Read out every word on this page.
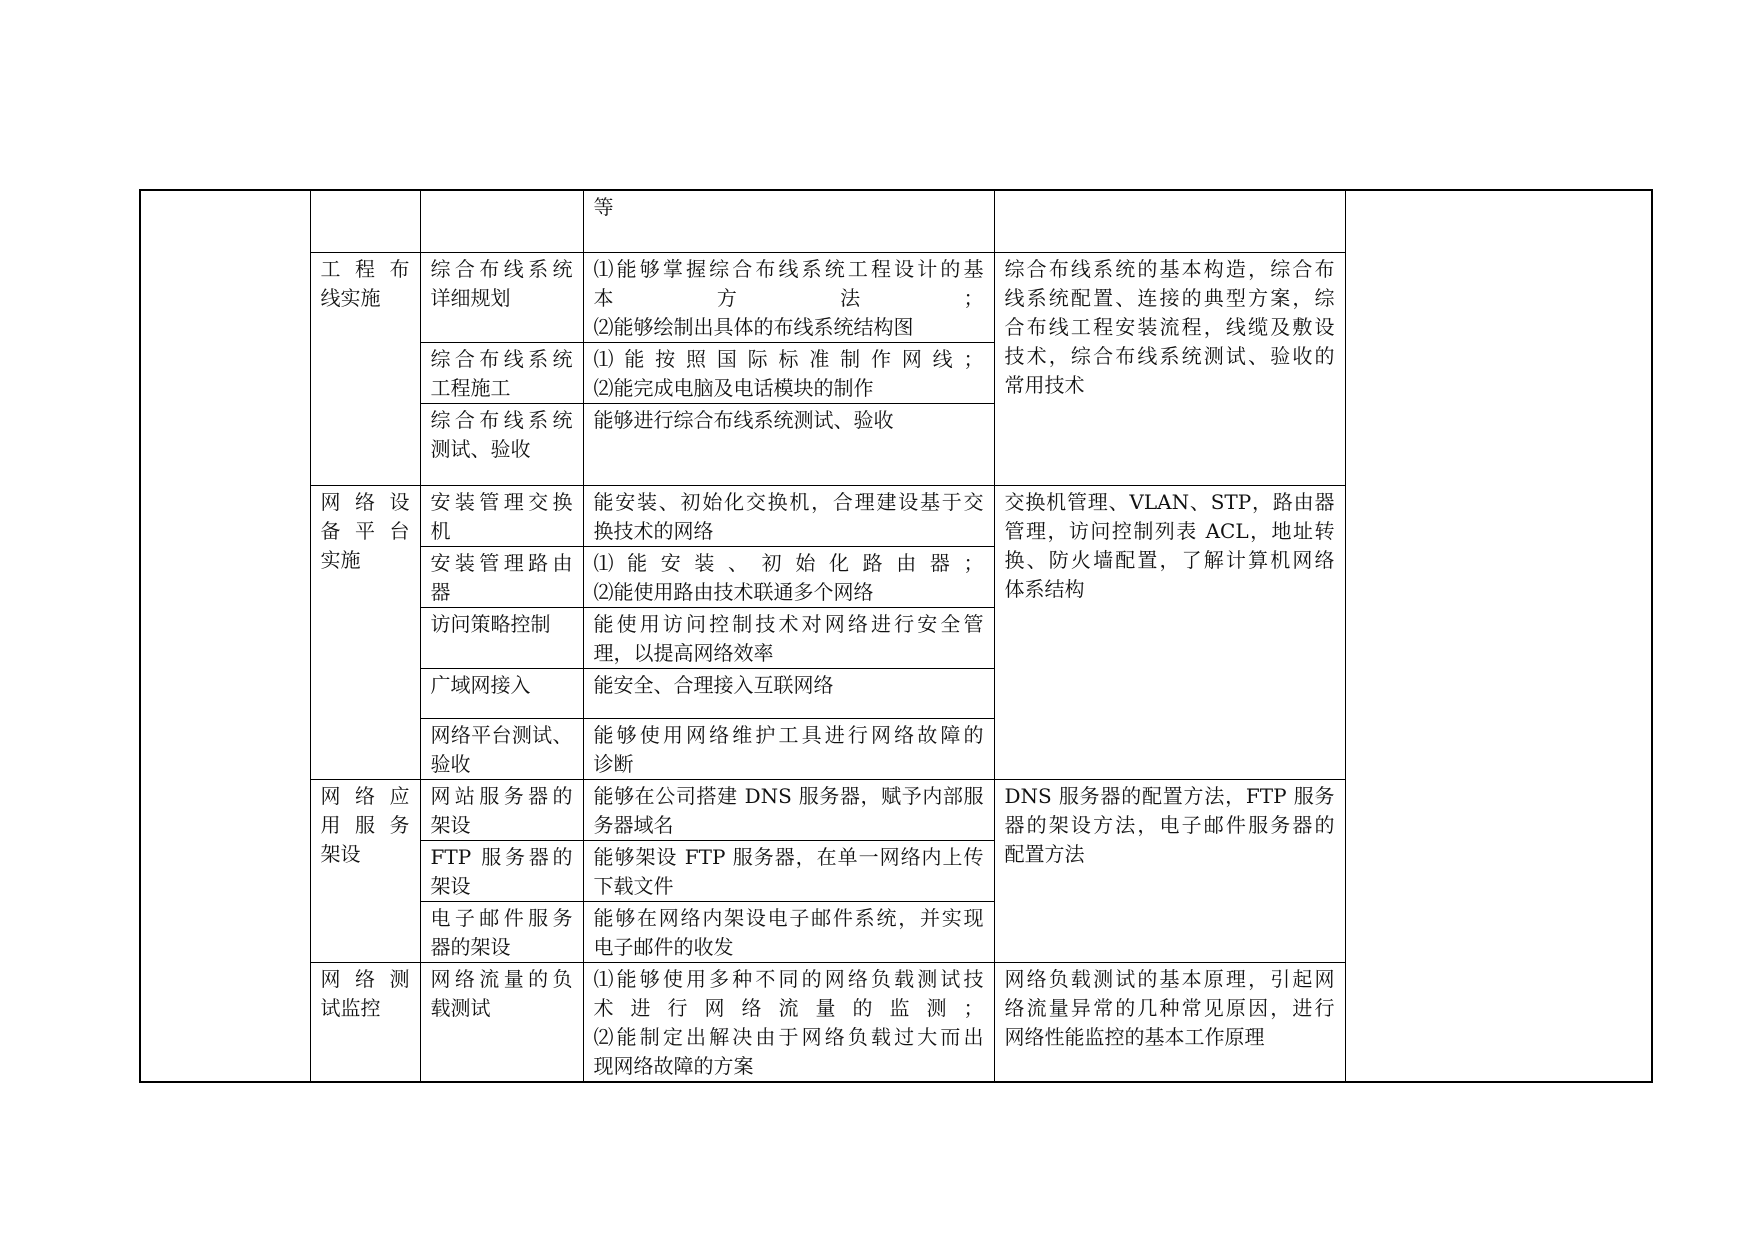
			等		

	工 程 布
线实施	综合布线系统
详细规划	⑴能够掌握综合布线系统工程设计的基
本方法；
⑵能够绘制出具体的布线系统结构图	综合布线系统的基本构造，综合布
线系统配置、连接的典型方案，综
合布线工程安装流程，线缆及敷设
技术，综合布线系统测试、验收的
常用技术	

		综合布线系统
工程施工	⑴能按照国际标准制作网线；
⑵能完成电脑及电话模块的制作		

		综合布线系统
测试、验收	能够进行综合布线系统测试、验收		

	网 络 设
备 平 台
实施	安装管理交换
机	能安装、初始化交换机，合理建设基于交
换技术的网络	交换机管理、VLAN、STP，路由器
管理，访问控制列表 ACL，地址转
换、防火墙配置，了解计算机网络
体系结构	

		安装管理路由
器	⑴能安装、初始化路由器；
⑵能使用路由技术联通多个网络		

		访问策略控制	能使用访问控制技术对网络进行安全管
理，以提高网络效率		

		广域网接入	能安全、合理接入互联网络		

		网络平台测试、
验收	能够使用网络维护工具进行网络故障的
诊断		

	网 络 应
用 服 务
架设	网站服务器的
架设	能够在公司搭建 DNS 服务器，赋予内部服
务器域名	DNS 服务器的配置方法，FTP 服务
器的架设方法，电子邮件服务器的
配置方法	

		FTP 服务器的
架设	能够架设 FTP 服务器，在单一网络内上传
下载文件		

		电子邮件服务
器的架设	能够在网络内架设电子邮件系统，并实现
电子邮件的收发		

	网 络 测
试监控	网络流量的负
载测试	⑴能够使用多种不同的网络负载测试技
术进行网络流量的监测；
⑵能制定出解决由于网络负载过大而出
现网络故障的方案	网络负载测试的基本原理，引起网
络流量异常的几种常见原因，进行
网络性能监控的基本工作原理	
